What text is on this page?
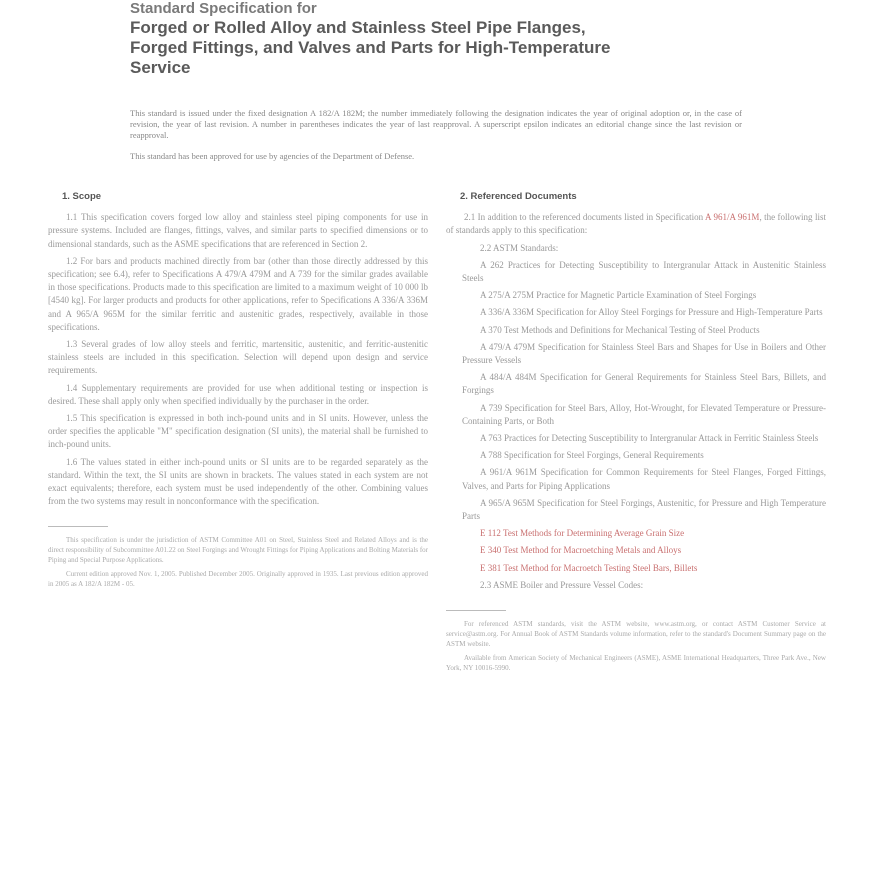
Standard Specification for
Forged or Rolled Alloy and Stainless Steel Pipe Flanges,
Forged Fittings, and Valves and Parts for High-Temperature
Service

This standard is issued under the fixed designation A 182/A 182M; the number immediately following the designation indicates the year of original adoption or, in the case of revision, the year of last revision. A number in parentheses indicates the year of last reapproval. A superscript epsilon indicates an editorial change since the last revision or reapproval.

This standard has been approved for use by agencies of the Department of Defense.

1. Scope

1.1 This specification covers forged low alloy and stainless steel piping components for use in pressure systems. Included are flanges, fittings, valves, and similar parts to specified dimensions or to dimensional standards, such as the ASME specifications that are referenced in Section 2.

1.2 For bars and products machined directly from bar (other than those directly addressed by this specification; see 6.4), refer to Specifications A 479/A 479M and A 739 for the similar grades available in those specifications. Products made to this specification are limited to a maximum weight of 10 000 lb [4540 kg]. For larger products and products for other applications, refer to Specifications A 336/A 336M and A 965/A 965M for the similar ferritic and austenitic grades, respectively, available in those specifications.

1.3 Several grades of low alloy steels and ferritic, martensitic, austenitic, and ferritic-austenitic stainless steels are included in this specification. Selection will depend upon design and service requirements.

1.4 Supplementary requirements are provided for use when additional testing or inspection is desired. These shall apply only when specified individually by the purchaser in the order.

1.5 This specification is expressed in both inch-pound units and in SI units. However, unless the order specifies the applicable "M" specification designation (SI units), the material shall be furnished to inch-pound units.

1.6 The values stated in either inch-pound units or SI units are to be regarded separately as the standard. Within the text, the SI units are shown in brackets. The values stated in each system are not exact equivalents; therefore, each system must be used independently of the other. Combining values from the two systems may result in nonconformance with the specification.

This specification is under the jurisdiction of ASTM Committee A01 on Steel, Stainless Steel and Related Alloys and is the direct responsibility of Subcommittee A01.22 on Steel Forgings and Wrought Fittings for Piping Applications and Bolting Materials for Piping and Special Purpose Applications.

Current edition approved Nov. 1, 2005. Published December 2005. Originally approved in 1935. Last previous edition approved in 2005 as A 182/A 182M - 05.

2. Referenced Documents

2.1 In addition to the referenced documents listed in Specification A 961/A 961M, the following list of standards apply to this specification:

2.2 ASTM Standards:

A 262 Practices for Detecting Susceptibility to Intergranular Attack in Austenitic Stainless Steels

A 275/A 275M Practice for Magnetic Particle Examination of Steel Forgings

A 336/A 336M Specification for Alloy Steel Forgings for Pressure and High-Temperature Parts

A 370 Test Methods and Definitions for Mechanical Testing of Steel Products

A 479/A 479M Specification for Stainless Steel Bars and Shapes for Use in Boilers and Other Pressure Vessels

A 484/A 484M Specification for General Requirements for Stainless Steel Bars, Billets, and Forgings

A 739 Specification for Steel Bars, Alloy, Hot-Wrought, for Elevated Temperature or Pressure-Containing Parts, or Both

A 763 Practices for Detecting Susceptibility to Intergranular Attack in Ferritic Stainless Steels

A 788 Specification for Steel Forgings, General Requirements

A 961/A 961M Specification for Common Requirements for Steel Flanges, Forged Fittings, Valves, and Parts for Piping Applications

A 965/A 965M Specification for Steel Forgings, Austenitic, for Pressure and High Temperature Parts

E 112 Test Methods for Determining Average Grain Size

E 340 Test Method for Macroetching Metals and Alloys

E 381 Test Method for Macroetch Testing Steel Bars, Billets

2.3 ASME Boiler and Pressure Vessel Codes:

For referenced ASTM standards, visit the ASTM website, www.astm.org, or contact ASTM Customer Service at service@astm.org. For Annual Book of ASTM Standards volume information, refer to the standard's Document Summary page on the ASTM website.

Available from American Society of Mechanical Engineers (ASME), ASME International Headquarters, Three Park Ave., New York, NY 10016-5990.
